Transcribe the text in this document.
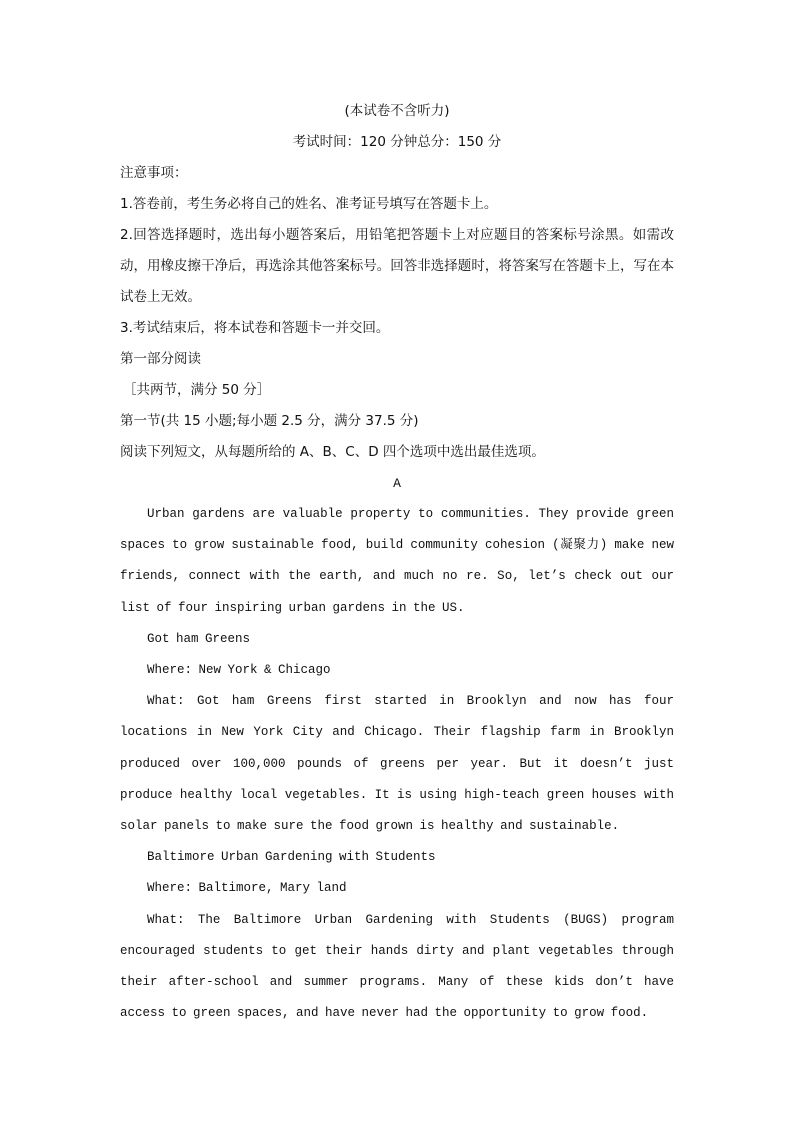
(本试卷不含听力)

考试时间：120 分钟总分：150 分

注意事项：

1.答卷前，考生务必将自己的姓名、准考证号填写在答题卡上。

2.回答选择题时，选出每小题答案后，用铅笔把答题卡上对应题目的答案标号涂黑。如需改动，用橡皮擦干净后，再选涂其他答案标号。回答非选择题时，将答案写在答题卡上，写在本试卷上无效。

3.考试结束后，将本试卷和答题卡一并交回。

第一部分阅读

［共两节，满分 50 分］

第一节(共 15 小题;每小题 2.5 分，满分 37.5 分)

阅读下列短文，从每题所给的 A、B、C、D 四个选项中选出最佳选项。

A

Urban gardens are valuable property to communities. They provide green spaces to grow sustainable food, build community cohesion (凝聚力) make new friends, connect with the earth, and much no re. So, let’s check out our list of four inspiring urban gardens in the US.

Got ham Greens

Where: New York & Chicago

What: Got ham Greens first started in Brooklyn and now has four locations in New York City and Chicago. Their flagship farm in Brooklyn produced over 100,000 pounds of greens per year. But it doesn’t just produce healthy local vegetables. It is using high-teach green houses with solar panels to make sure the food grown is healthy and sustainable.

Baltimore Urban Gardening with Students

Where: Baltimore, Mary land

What: The Baltimore Urban Gardening with Students (BUGS) program encouraged students to get their hands dirty and plant vegetables through their after-school and summer programs. Many of these kids don’t have access to green spaces, and have never had the opportunity to grow food.
